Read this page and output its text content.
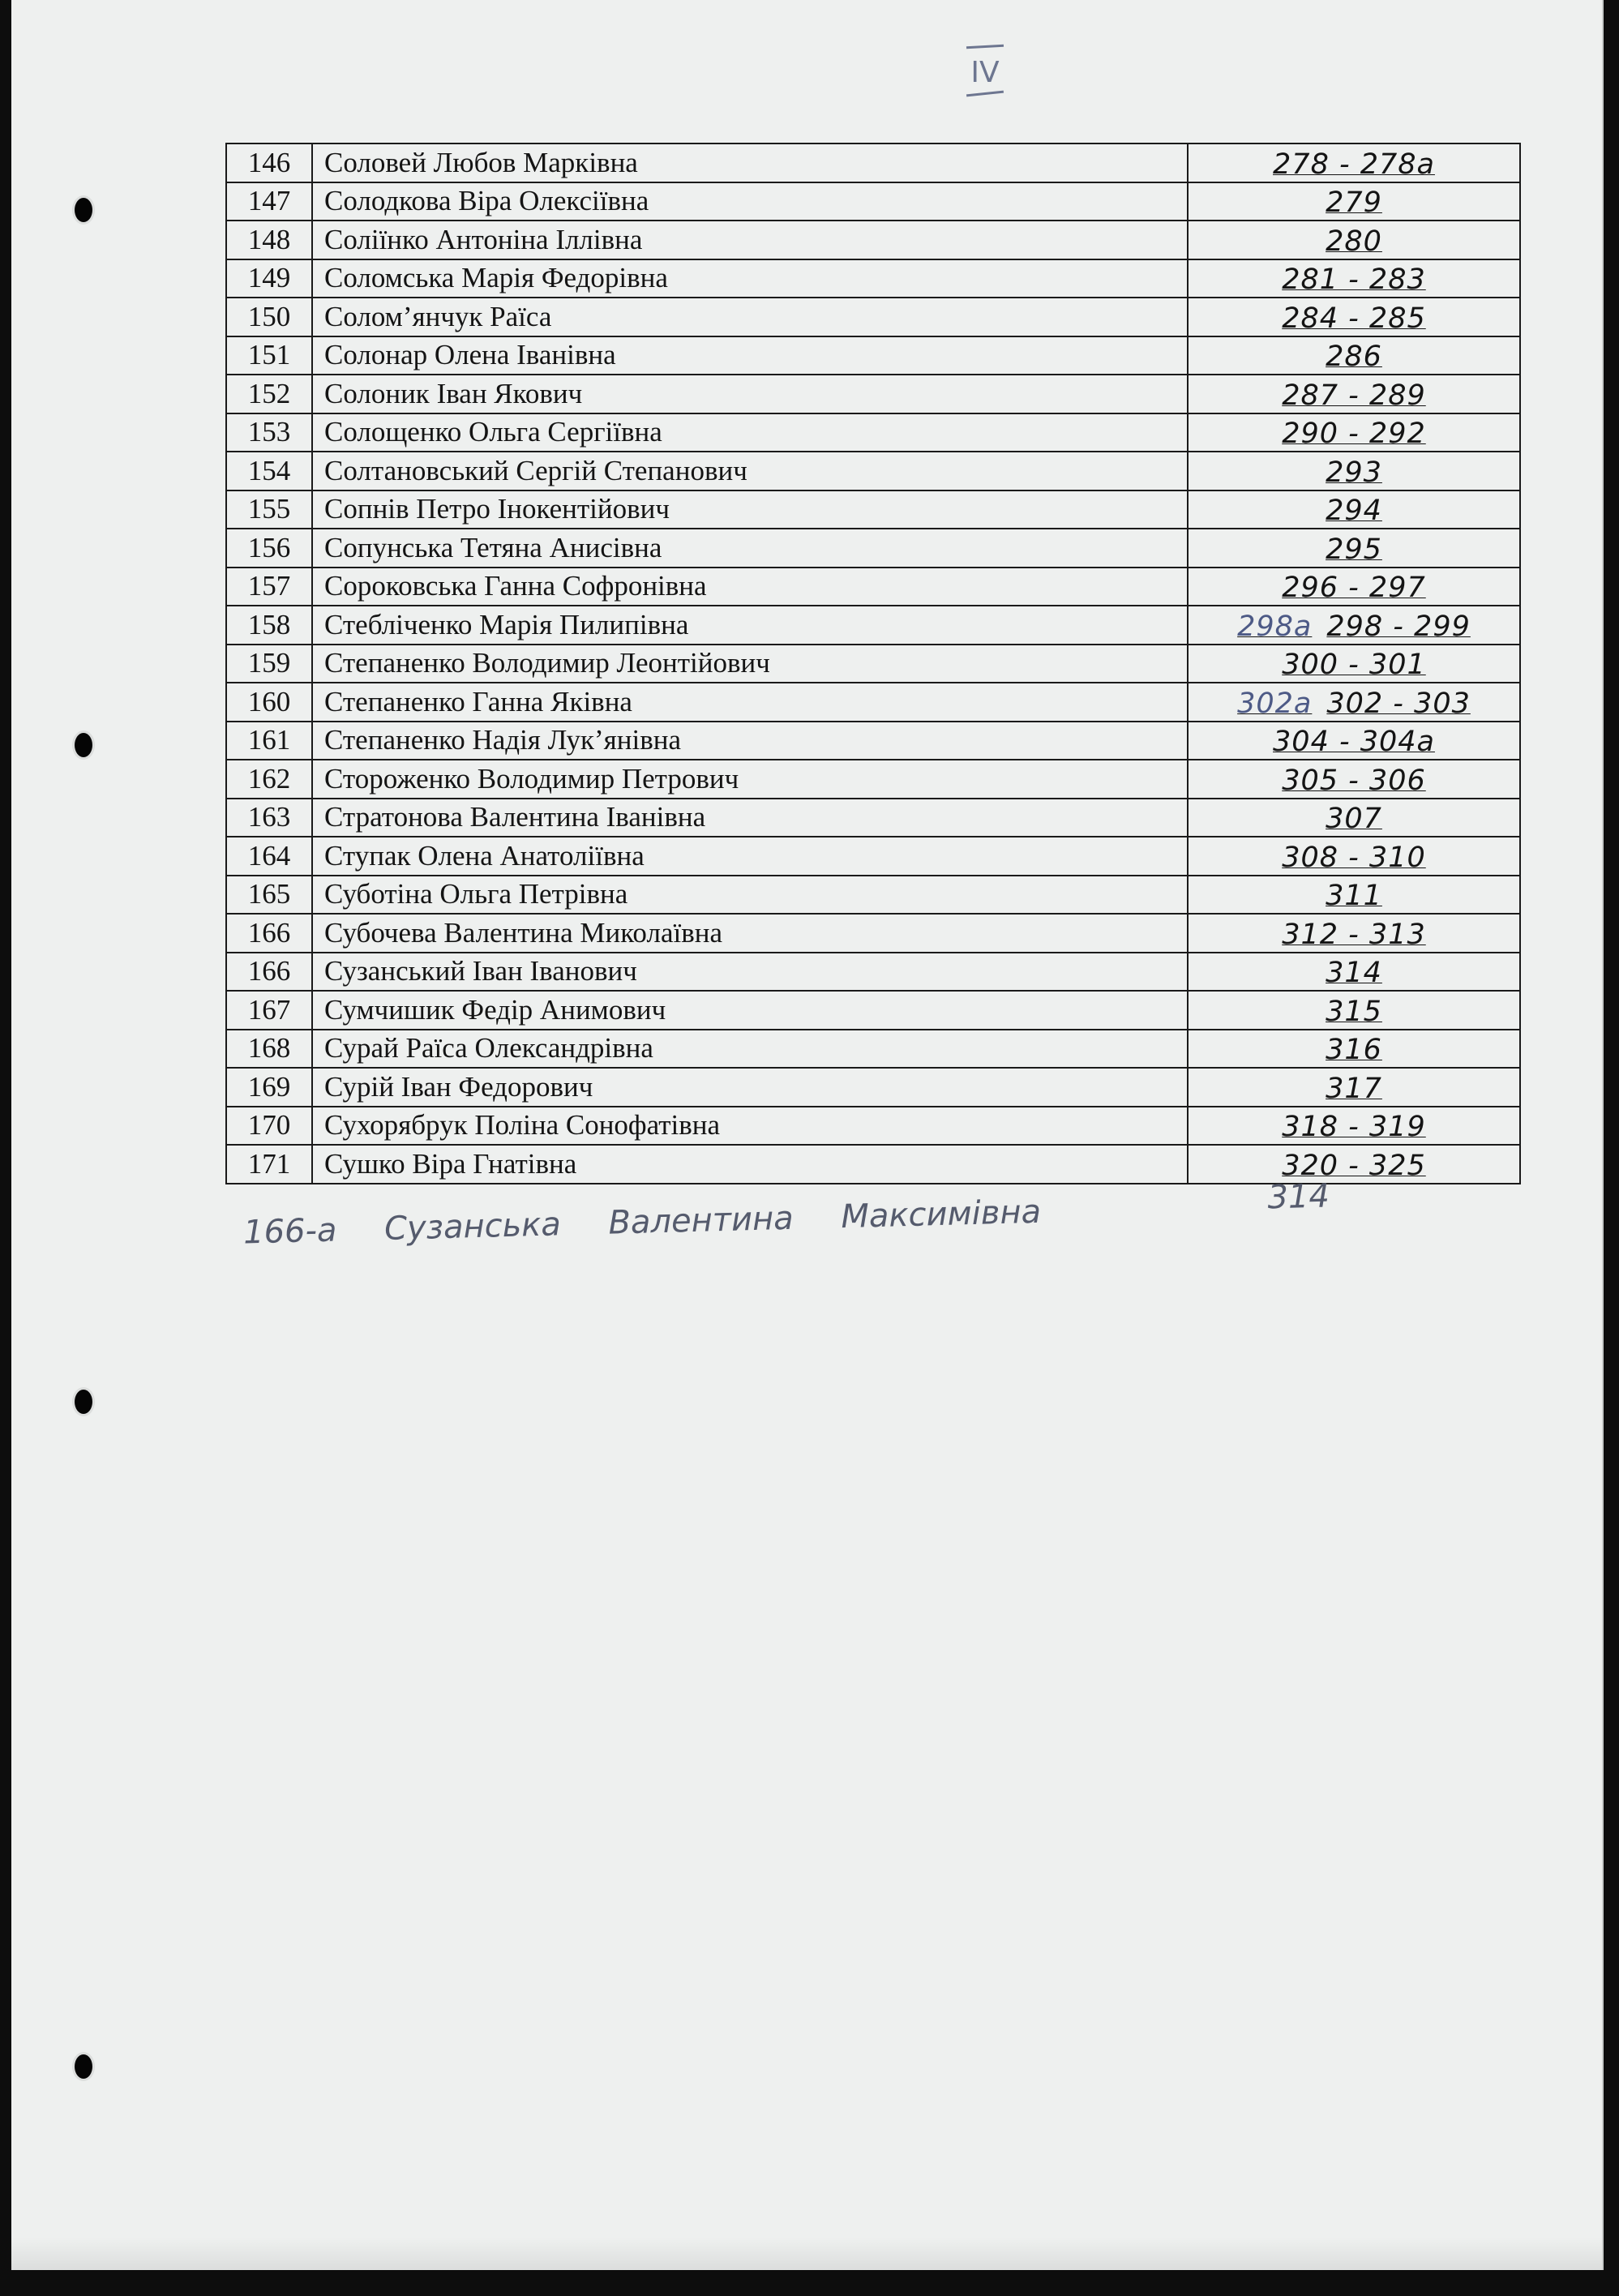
IV
146	Соловей Любов Марківна	278 - 278а

147	Солодкова Віра Олексіївна	279

148	Соліїнко Антоніна Іллівна	280

149	Соломська Марія Федорівна	281 - 283

150	Солом’янчук Раїса	284 - 285

151	Солонар Олена Іванівна	286

152	Солоник Іван Якович	287 - 289

153	Солощенко Ольга Сергіївна	290 - 292

154	Солтановський Сергій Степанович	293

155	Сопнів Петро Інокентійович	294

156	Сопунська Тетяна Анисівна	295

157	Сороковська Ганна Софронівна	296 - 297

158	Стебліченко Марія Пилипівна	298а 298 - 299

159	Степаненко Володимир Леонтійович	300 - 301

160	Степаненко Ганна Яківна	302а 302 - 303

161	Степаненко Надія Лук’янівна	304 - 304а

162	Стороженко Володимир Петрович	305 - 306

163	Стратонова Валентина Іванівна	307

164	Ступак Олена Анатоліївна	308 - 310

165	Суботіна Ольга Петрівна	311

166	Субочева Валентина Миколаївна	312 - 313

166	Сузанський Іван Іванович	314

167	Сумчишик Федір Анимович	315

168	Сурай Раїса Олександрівна	316

169	Сурій Іван Федорович	317

170	Сухорябрук Поліна Сонофатівна	318 - 319

171	Сушко Віра Гнатівна	320 - 325
166-а Сузанська Валентина Максимівна	314
